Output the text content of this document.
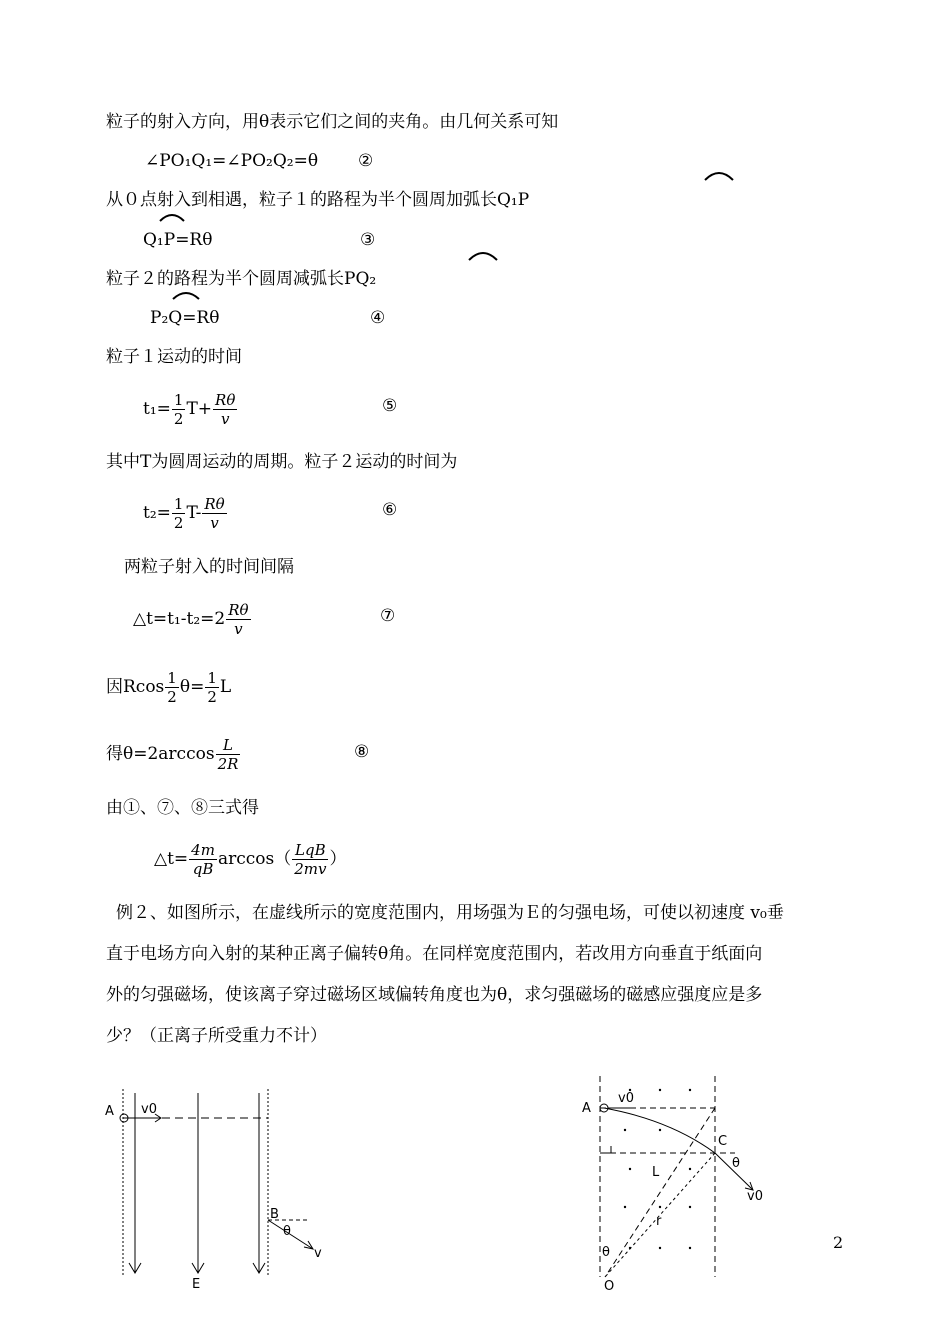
粒子的射入方向，用θ表示它们之间的夹角。由几何关系可知
∠PO₁Q₁=∠PO₂Q₂=θ ②
从０点射入到相遇，粒子１的路程为半个圆周加弧长Q₁P
Q₁P=Rθ	③
粒子２的路程为半个圆周减弧长PQ₂
P₂Q=Rθ	④
粒子１运动的时间
$t_1= \frac{1}{2} T+ \frac{R\theta}{v}$	⑤
其中T为圆周运动的周期。粒子２运动的时间为
$t_2= \frac{1}{2} T- \frac{R\theta}{v}$	⑥
两粒子射入的时间间隔
△t=t₁-t₂=2 $\frac{R\theta}{v}$	⑦
因Rcos $\frac{1}{2} \theta= \frac{1}{2}$ L
得$\theta=2\arccos \frac{L}{2R}$	⑧
由①、⑦、⑧三式得
△t= $\frac{4m}{qB} \arccos( \frac{\text{LqB}}{2mv}$ ）
例２、如图所示，在虚线所示的宽度范围内，用场强为Ｅ的匀强电场，可使以初速度 v₀垂
直于电场方向入射的某种正离子偏转θ角。在同样宽度范围内，若改用方向垂直于纸面向
外的匀强磁场，使该离子穿过磁场区域偏转角度也为θ，求匀强磁场的磁感应强度应是多
少？（正离子所受重力不计）
A v0
E
B
θ
v
A
v0
C
θ
v0
L
r
θ
O
2
